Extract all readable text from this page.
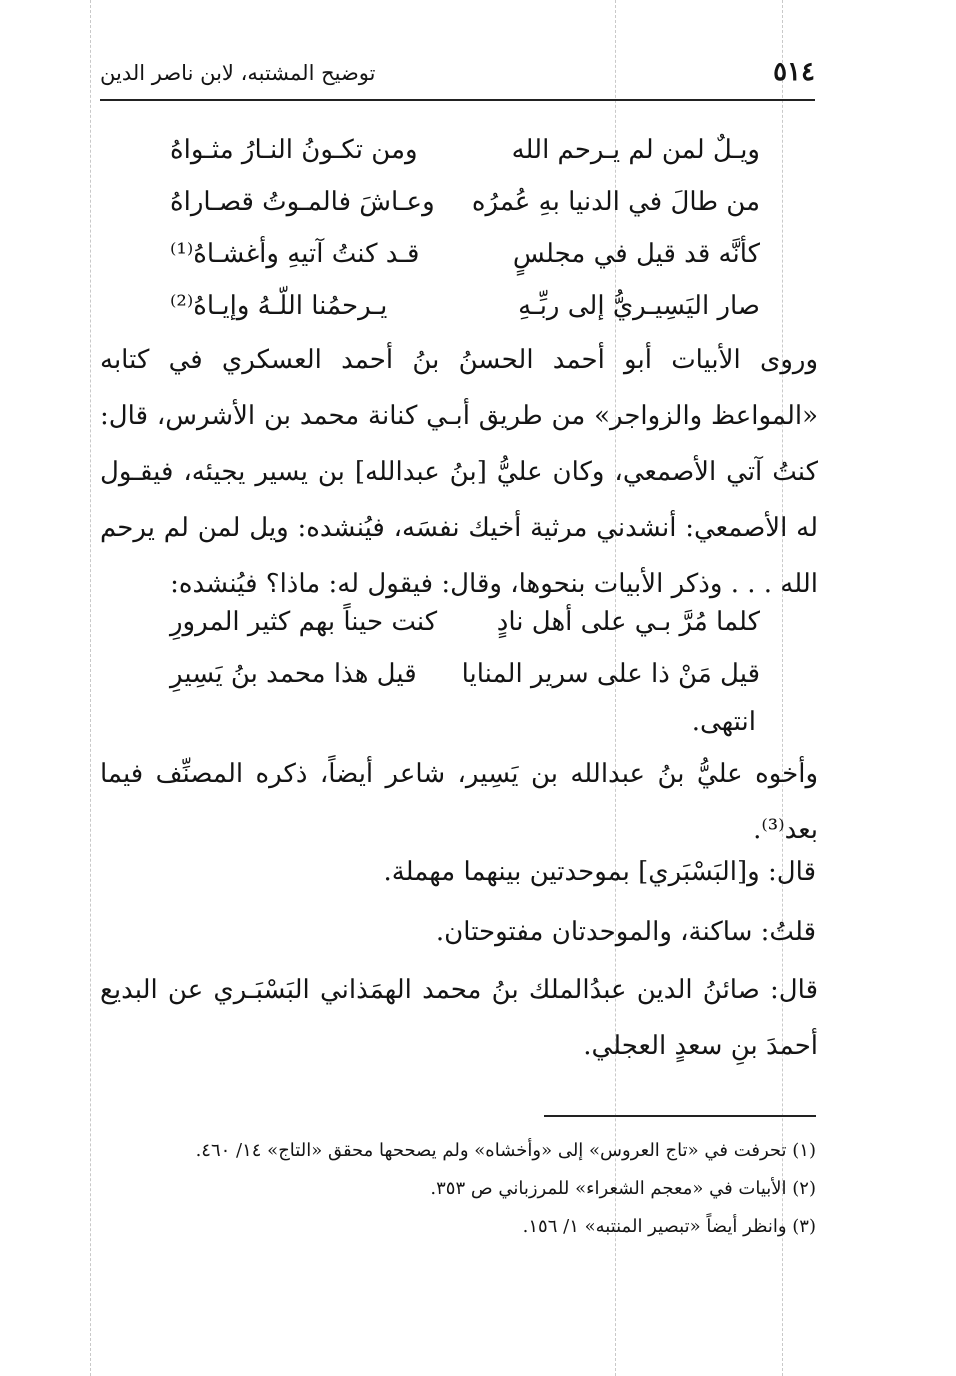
٥١٤
توضيح المشتبه، لابن ناصر الدين
ويـلٌ لمن لم يـرحم الله
ومن تكـونُ النـارُ مثـواهُ
من طالَ في الدنيا بهِ عُمرُه
وعـاشَ فالمـوتُ قصـاراهُ
كأنَّه قد قيل في مجلسٍ
قـد كنتُ آتيهِ وأغشـاهُ⁽¹⁾
صار اليَسِيـريُّ إلى ربِّـهِ
يـرحمُنا اللّـهُ وإيـاهُ⁽²⁾

وروى الأبيات أبو أحمد الحسنُ بنُ أحمد العسكري في كتابه «المواعظ والزواجر» من طريق أبـي كنانة محمد بن الأشرس، قال: كنتُ آتي الأصمعي، وكان عليُّ [بنُ عبدالله] بن يسير يجيئه، فيقـول له الأصمعي: أنشدني مرثية أخيك نفسَه، فيُنشده: ويل لمن لم يرحم الله . . . وذكر الأبيات بنحوها، وقال: فيقول له: ماذا؟ فيُنشده:

كلما مُرَّ بـي على أهل نادٍ
كنت حيناً بهم كثير المرورِ
قيل مَنْ ذا على سرير المنايا
قيل هذا محمد بنُ يَسِيرِ
انتهى.

وأخوه عليُّ بنُ عبدالله بن يَسِير، شاعر أيضاً، ذكره المصنِّف فيما بعد⁽³⁾.

قال: و[البَسْبَري] بموحدتين بينهما مهملة.
قلتُ: ساكنة، والموحدتان مفتوحتان.

قال: صائنُ الدين عبدُالملك بنُ محمد الهمَذاني البَسْبَـري عن البديع أحمدَ بنِ سعدٍ العجلي.

(١) تحرفت في «تاج العروس» إلى «وأخشاه» ولم يصححها محقق «التاج» ١٤/ ٤٦٠.
(٢) الأبيات في «معجم الشعراء» للمرزباني ص ٣٥٣.
(٣) وانظر أيضاً «تبصير المنتبه» ١/ ١٥٦.
